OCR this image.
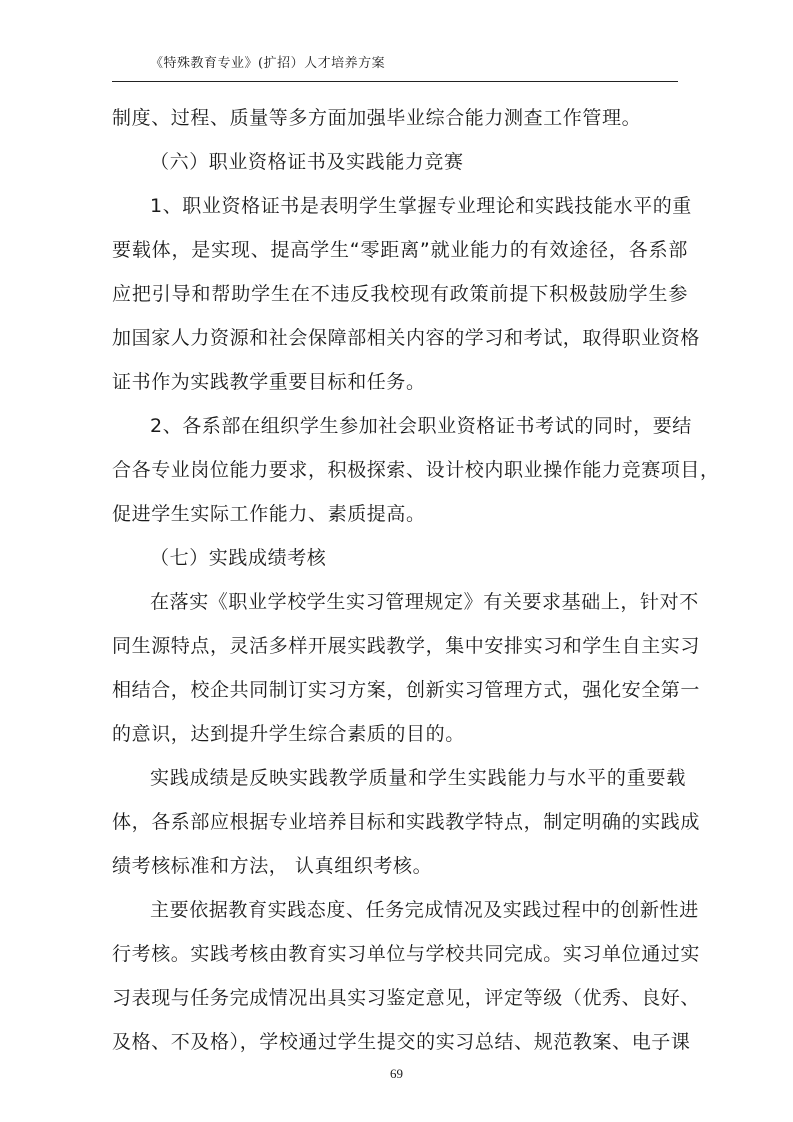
《特殊教育专业》(扩招）人才培养方案
制度、过程、质量等多方面加强毕业综合能力测查工作管理。
（六）职业资格证书及实践能力竞赛
1、职业资格证书是表明学生掌握专业理论和实践技能水平的重
要载体，是实现、提高学生“零距离”就业能力的有效途径，各系部
应把引导和帮助学生在不违反我校现有政策前提下积极鼓励学生参
加国家人力资源和社会保障部相关内容的学习和考试，取得职业资格
证书作为实践教学重要目标和任务。
2、各系部在组织学生参加社会职业资格证书考试的同时，要结
合各专业岗位能力要求，积极探索、设计校内职业操作能力竞赛项目，
促进学生实际工作能力、素质提高。
（七）实践成绩考核
在落实《职业学校学生实习管理规定》有关要求基础上，针对不
同生源特点，灵活多样开展实践教学，集中安排实习和学生自主实习
相结合，校企共同制订实习方案，创新实习管理方式，强化安全第一
的意识，达到提升学生综合素质的目的。
实践成绩是反映实践教学质量和学生实践能力与水平的重要载
体，各系部应根据专业培养目标和实践教学特点，制定明确的实践成
绩考核标准和方法， 认真组织考核。
主要依据教育实践态度、任务完成情况及实践过程中的创新性进
行考核。实践考核由教育实习单位与学校共同完成。实习单位通过实
习表现与任务完成情况出具实习鉴定意见，评定等级（优秀、良好、
及格、不及格），学校通过学生提交的实习总结、规范教案、电子课
69
